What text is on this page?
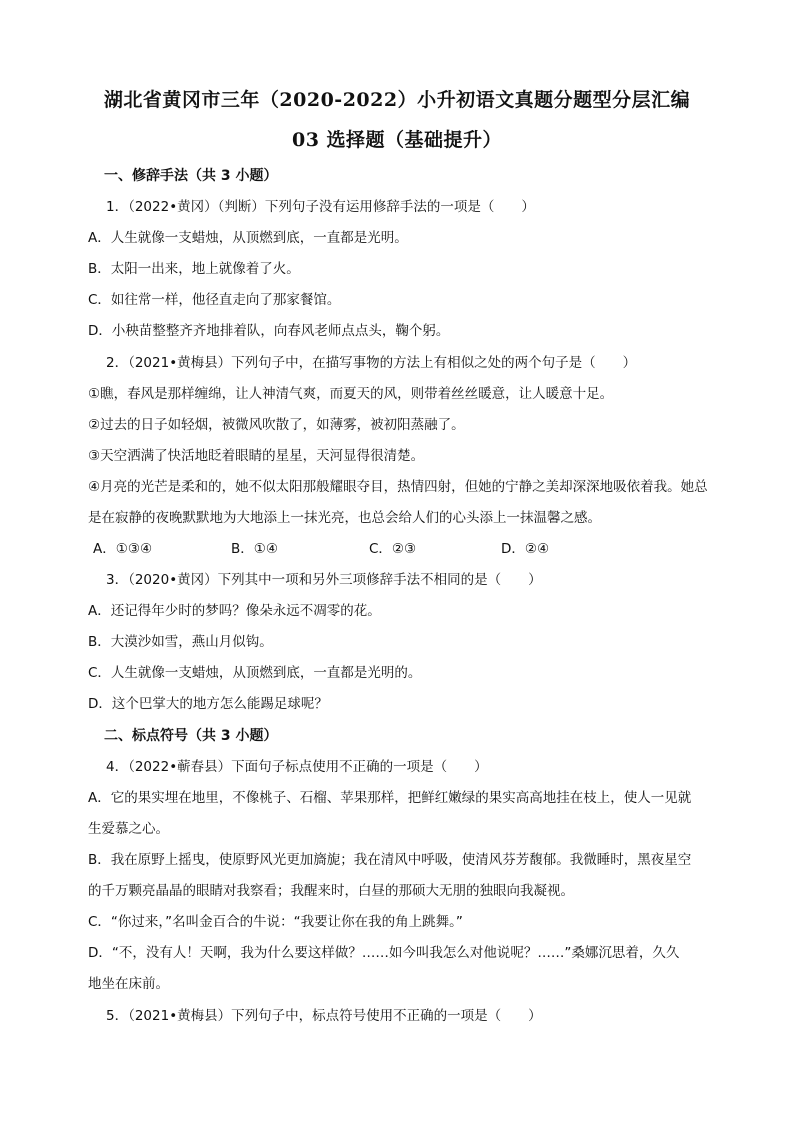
湖北省黄冈市三年（2020-2022）小升初语文真题分题型分层汇编
03 选择题（基础提升）
一、修辞手法（共 3 小题）
1．（2022•黄冈）（判断）下列句子没有运用修辞手法的一项是（　　）
A．人生就像一支蜡烛，从顶燃到底，一直都是光明。
B．太阳一出来，地上就像着了火。
C．如往常一样，他径直走向了那家餐馆。
D．小秧苗整整齐齐地排着队，向春风老师点点头，鞠个躬。
2．（2021•黄梅县）下列句子中，在描写事物的方法上有相似之处的两个句子是（　　）
①瞧，春风是那样缠绵，让人神清气爽，而夏天的风，则带着丝丝暖意，让人暖意十足。
②过去的日子如轻烟，被微风吹散了，如薄雾，被初阳蒸融了。
③天空洒满了快活地眨着眼睛的星星，天河显得很清楚。
④月亮的光芒是柔和的，她不似太阳那般耀眼夺目，热情四射，但她的宁静之美却深深地吸依着我。她总
是在寂静的夜晚默默地为大地添上一抹光亮，也总会给人们的心头添上一抹温馨之感。
A．①③④	B．①④	C．②③	D．②④
3．（2020•黄冈）下列其中一项和另外三项修辞手法不相同的是（　　）
A．还记得年少时的梦吗？像朵永远不凋零的花。
B．大漠沙如雪，燕山月似钩。
C．人生就像一支蜡烛，从顶燃到底，一直都是光明的。
D．这个巴掌大的地方怎么能踢足球呢？
二、标点符号（共 3 小题）
4．（2022•蕲春县）下面句子标点使用不正确的一项是（　　）
A．它的果实埋在地里，不像桃子、石榴、苹果那样，把鲜红嫩绿的果实高高地挂在枝上，使人一见就
生爱慕之心。
B．我在原野上摇曳，使原野风光更加旖旎；我在清风中呼吸，使清风芬芳馥郁。我微睡时，黑夜星空
的千万颗亮晶晶的眼睛对我察看；我醒来时，白昼的那硕大无朋的独眼向我凝视。
C．“你过来，”名叫金百合的牛说：“我要让你在我的角上跳舞。”
D．“不，没有人！天啊，我为什么要这样做？……如今叫我怎么对他说呢？……”桑娜沉思着，久久
地坐在床前。
5．（2021•黄梅县）下列句子中，标点符号使用不正确的一项是（　　）
